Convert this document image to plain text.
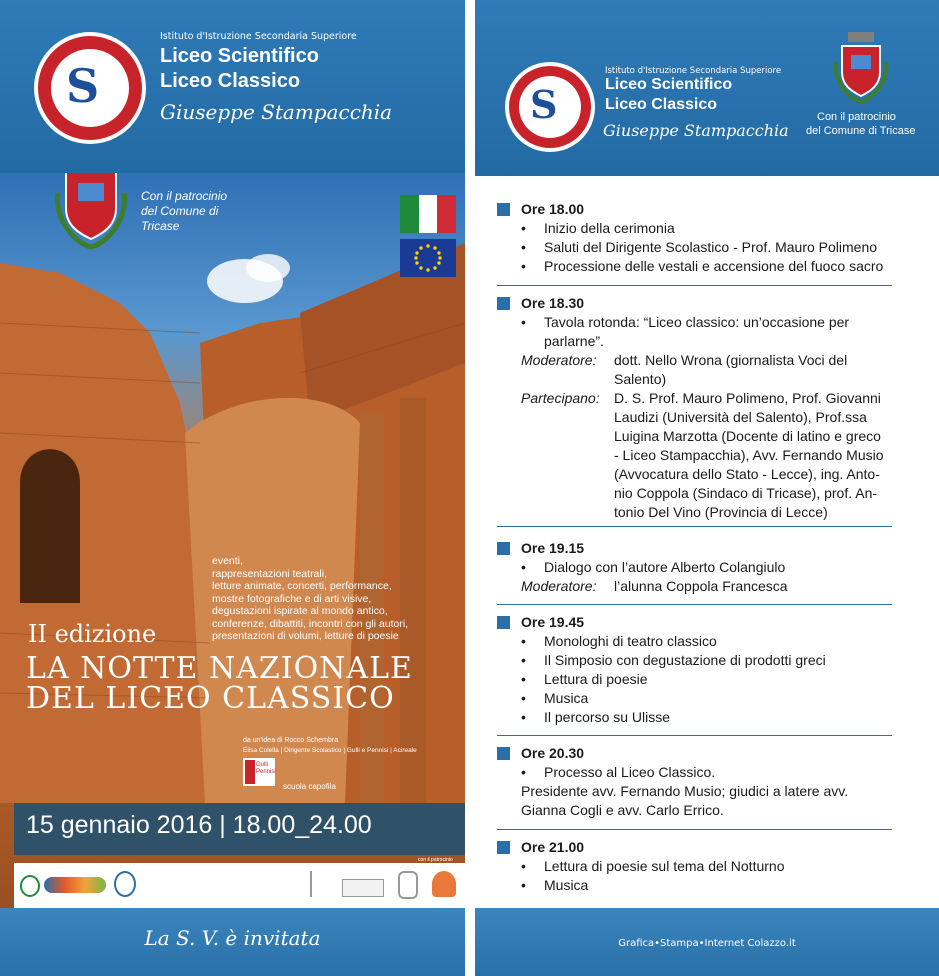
S
Istituto d'Istruzione Secondaria Superiore
Liceo Scientifico
Liceo Classico
Giuseppe Stampacchia
Con il patrocinio
del Comune di
Tricase
eventi,
rappresentazioni teatrali,
letture animate, concerti, performance,
mostre fotografiche e di arti visive,
degustazioni ispirate al mondo antico,
conferenze, dibattiti, incontri con gli autori,
presentazioni di volumi, letture di poesie
II edizione
LA NOTTE NAZIONALE
DEL LICEO CLASSICO
da un'idea di Rocco Schembra
Elisa Colella | Dirigente Scolastico | Gulli e Pennisi | Acireale
Gulli Pennisi
scuola capofila
15 gennaio 2016 | 18.00_24.00
con il patrocinio
La S. V. è invitata
S
Istituto d'Istruzione Secondaria Superiore
Liceo Scientifico
Liceo Classico
Giuseppe Stampacchia
Con il patrocinio
del Comune di Tricase
Ore 18.00
• Inizio della cerimonia
• Saluti del Dirigente Scolastico - Prof. Mauro Polimeno
• Processione delle vestali e accensione del fuoco sacro
Ore 18.30
• Tavola rotonda: “Liceo classico: un’occasione per
parlarne”.
Moderatore: dott. Nello Wrona (giornalista Voci del
Salento)
Partecipano: D. S. Prof. Mauro Polimeno, Prof. Giovanni
Laudizi (Università del Salento), Prof.ssa
Luigina Marzotta (Docente di latino e greco
- Liceo Stampacchia), Avv. Fernando Musio
(Avvocatura dello Stato - Lecce), ing. Anto-
nio Coppola (Sindaco di Tricase), prof. An-
tonio Del Vino (Provincia di Lecce)
Ore 19.15
• Dialogo con l’autore Alberto Colangiulo
Moderatore: l’alunna Coppola Francesca
Ore 19.45
• Monologhi di teatro classico
• Il Simposio con degustazione di prodotti greci
• Lettura di poesie
• Musica
• Il percorso su Ulisse
Ore 20.30
• Processo al Liceo Classico.
Presidente avv. Fernando Musio; giudici a latere avv.
Gianna Cogli e avv. Carlo Errico.
Ore 21.00
• Lettura di poesie sul tema del Notturno
• Musica
Grafica•Stampa•Internet Colazzo.it
